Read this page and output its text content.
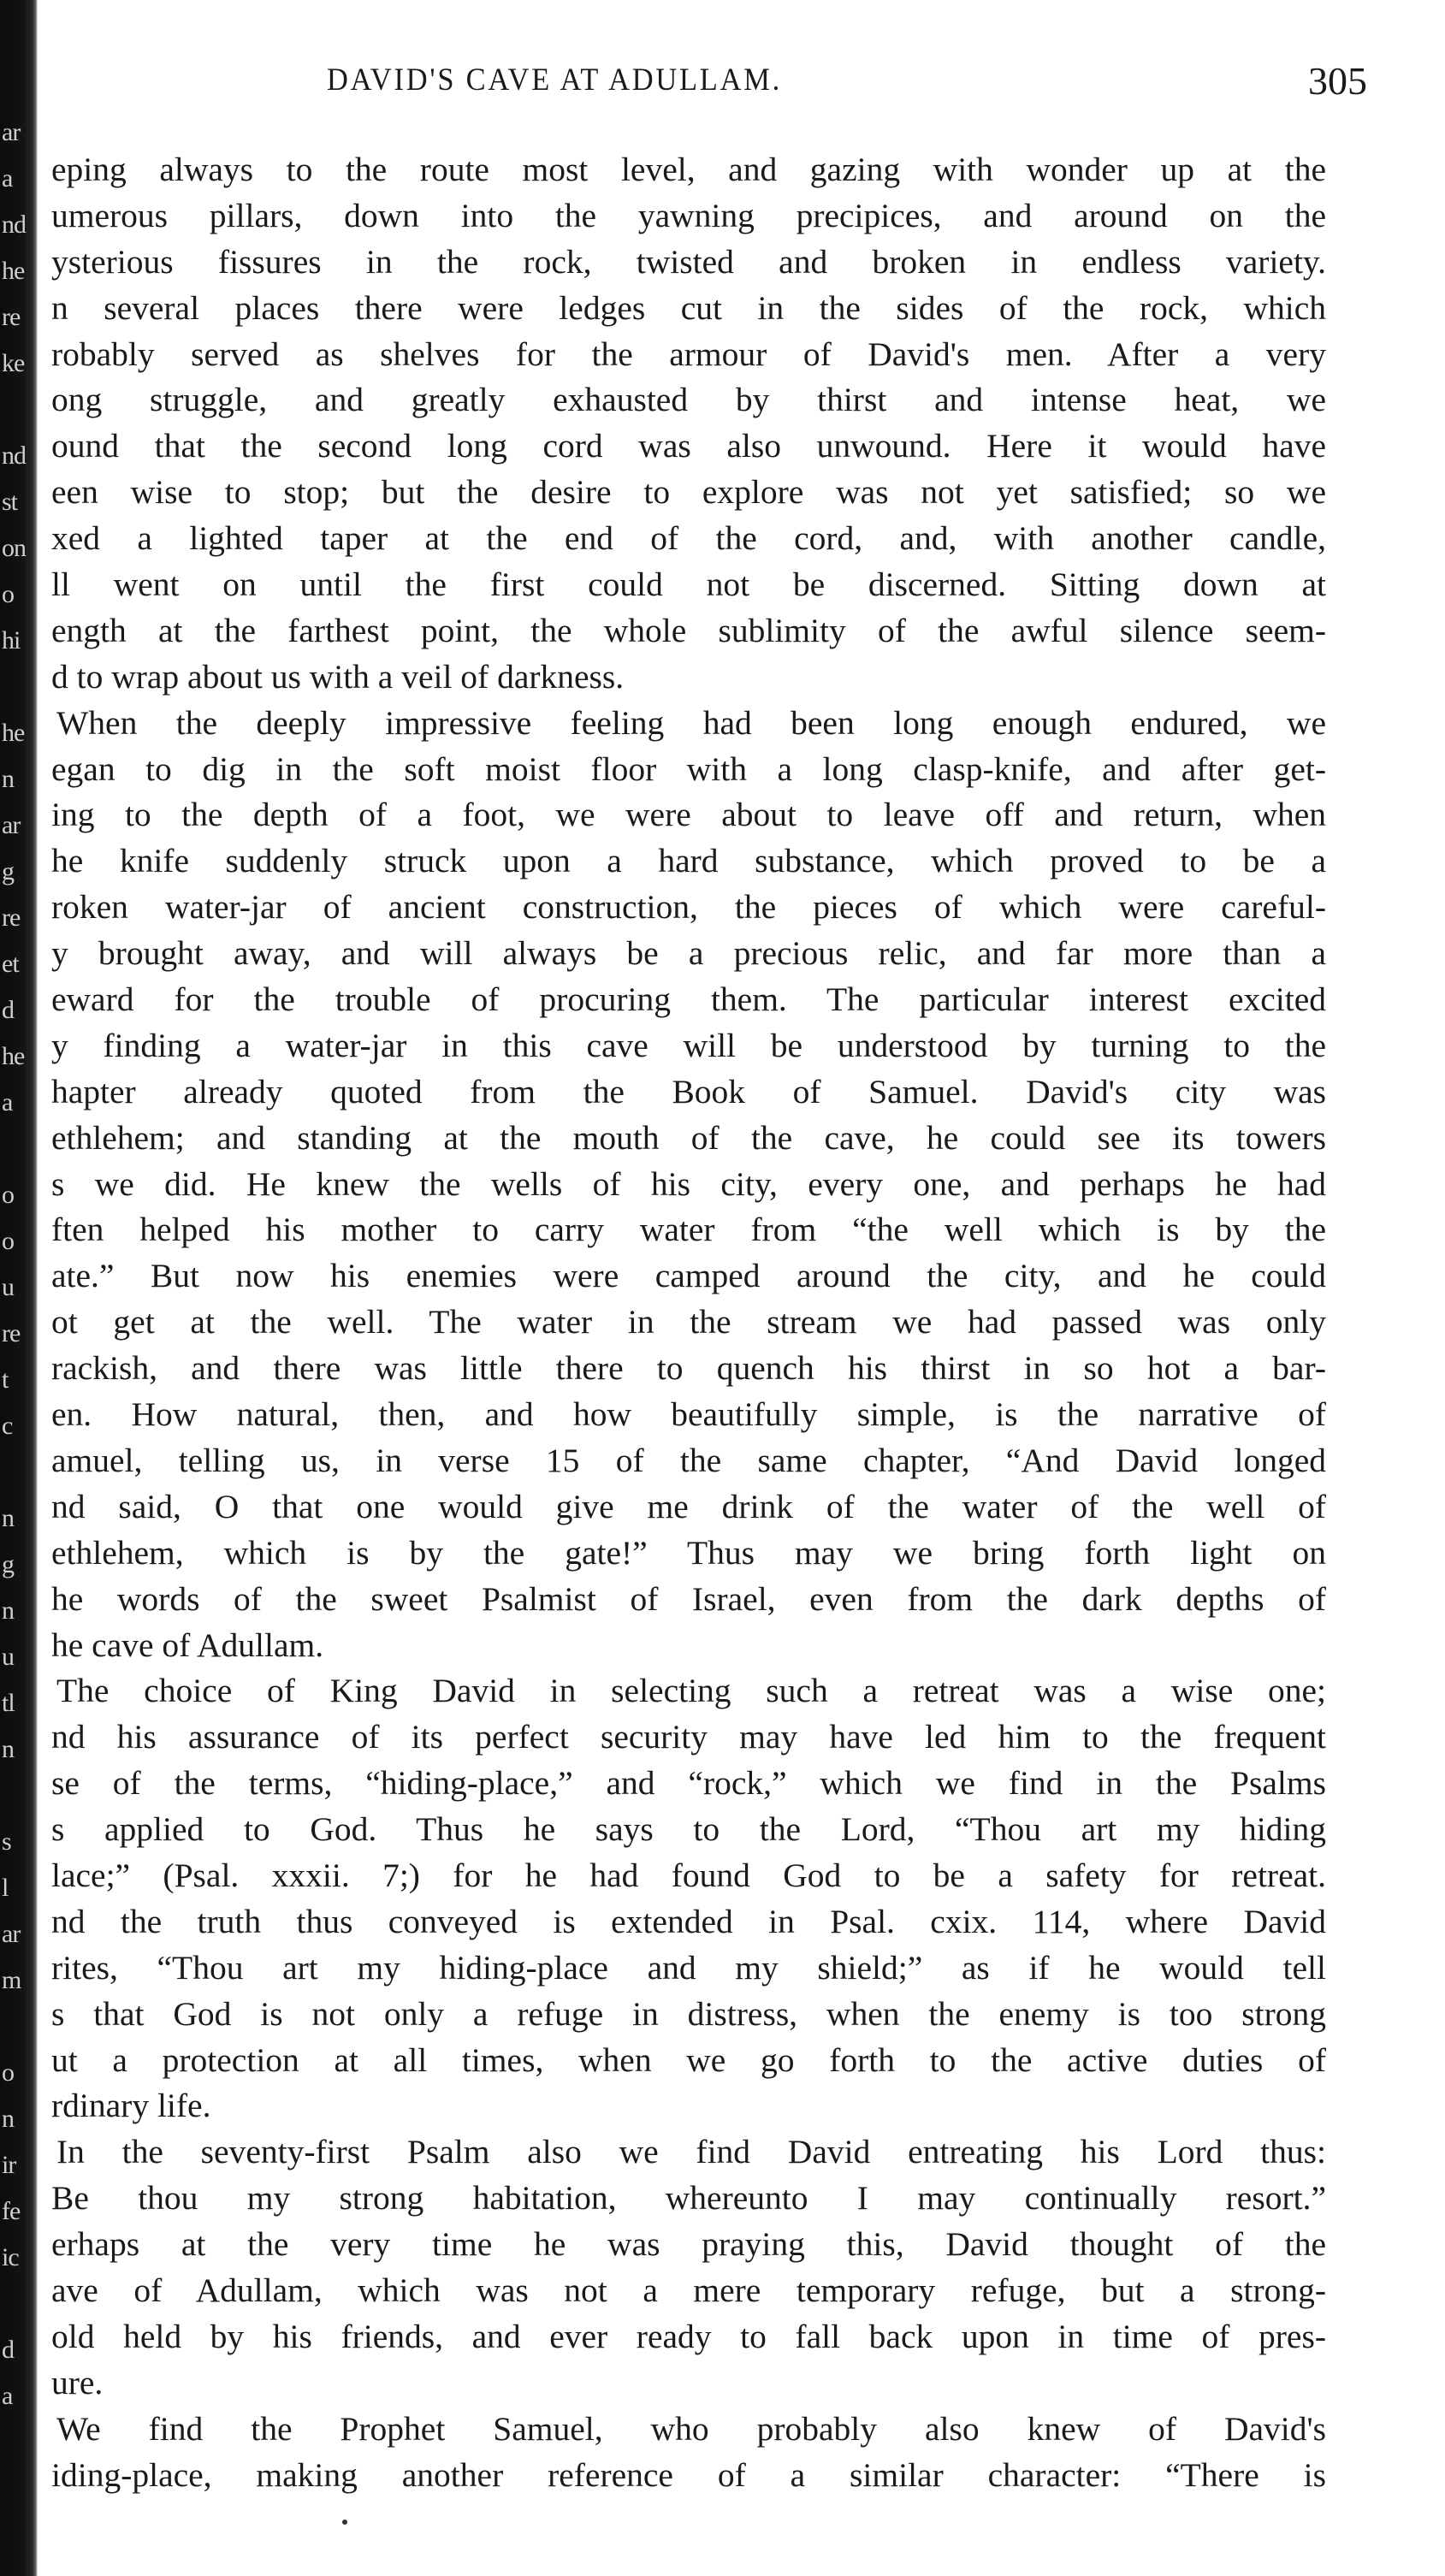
ar
a
nd
he
re
ke
nd
st
on
o
hi
he
n
ar
g
re
et
d
he
a
o
o
u
re
t
c
n
g
n
u
tl
n
s
l
ar
m
o
n
ir
fe
ic
d
a
DAVID'S CAVE AT ADULLAM.	305
eping always to the route most level, and gazing with wonder up at the
umerous pillars, down into the yawning precipices, and around on the
ysterious fissures in the rock, twisted and broken in endless variety.
n several places there were ledges cut in the sides of the rock, which
robably served as shelves for the armour of David's men. After a very
ong struggle, and greatly exhausted by thirst and intense heat, we
ound that the second long cord was also unwound. Here it would have
een wise to stop; but the desire to explore was not yet satisfied; so we
xed a lighted taper at the end of the cord, and, with another candle,
ll went on until the first could not be discerned. Sitting down at
ength at the farthest point, the whole sublimity of the awful silence seem-
d to wrap about us with a veil of darkness.
When the deeply impressive feeling had been long enough endured, we
egan to dig in the soft moist floor with a long clasp-knife, and after get-
ing to the depth of a foot, we were about to leave off and return, when
he knife suddenly struck upon a hard substance, which proved to be a
roken water-jar of ancient construction, the pieces of which were careful-
y brought away, and will always be a precious relic, and far more than a
eward for the trouble of procuring them. The particular interest excited
y finding a water-jar in this cave will be understood by turning to the
hapter already quoted from the Book of Samuel. David's city was
ethlehem; and standing at the mouth of the cave, he could see its towers
s we did. He knew the wells of his city, every one, and perhaps he had
ften helped his mother to carry water from “the well which is by the
ate.” But now his enemies were camped around the city, and he could
ot get at the well. The water in the stream we had passed was only
rackish, and there was little there to quench his thirst in so hot a bar-
en. How natural, then, and how beautifully simple, is the narrative of
amuel, telling us, in verse 15 of the same chapter, “And David longed
nd said, O that one would give me drink of the water of the well of
ethlehem, which is by the gate!” Thus may we bring forth light on
he words of the sweet Psalmist of Israel, even from the dark depths of
he cave of Adullam.
The choice of King David in selecting such a retreat was a wise one;
nd his assurance of its perfect security may have led him to the frequent
se of the terms, “hiding-place,” and “rock,” which we find in the Psalms
s applied to God. Thus he says to the Lord, “Thou art my hiding
lace;” (Psal. xxxii. 7;) for he had found God to be a safety for retreat.
nd the truth thus conveyed is extended in Psal. cxix. 114, where David
rites, “Thou art my hiding-place and my shield;” as if he would tell
s that God is not only a refuge in distress, when the enemy is too strong
ut a protection at all times, when we go forth to the active duties of
rdinary life.
In the seventy-first Psalm also we find David entreating his Lord thus:
Be thou my strong habitation, whereunto I may continually resort.”
erhaps at the very time he was praying this, David thought of the
ave of Adullam, which was not a mere temporary refuge, but a strong-
old held by his friends, and ever ready to fall back upon in time of pres-
ure.
We find the Prophet Samuel, who probably also knew of David's
iding-place, making another reference of a similar character: “There is
